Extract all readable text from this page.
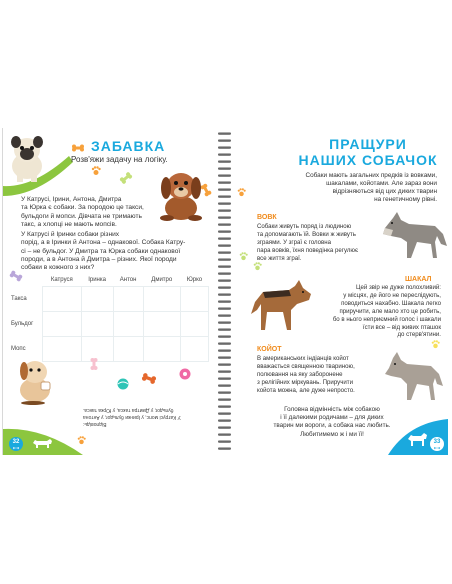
ЗАБАВКА
Розв'яжи задачу на логіку.
У Катрусі, Ірини, Антона, Дмитра
та Юрка є собаки. За породою це такси,
бульдоги й мопси. Дівчата не тримають
такс, а хлопці не мають мопсів.
У Катрусі й Іринки собаки різних
порід, а в Іринки й Антона – однакової. Собака Катру-
сі – не бульдог. У Дмитра та Юрка собаки однакової
породи, а в Антона й Дмитра – різних. Якої породи
собаки в кожного з них?
	Катруся	Іринка	Антон	Дмитро	Юрко
Такса					
Бульдог					
Мопс					
Відповідь:
У Катрусі мопс, у Іринки бульдог, у Антона
бульдог, у Дмитра такса, у Юрка такса.
32
∗=∗
ПРАЩУРИ
НАШИХ СОБАЧОК
Собаки мають загальних предків із вовками,
шакалами, койотами. Але зараз вони
відрізняються від цих диких тварин
на генетичному рівні.
ВОВК
Собаки живуть поряд із людиною
та допомагають їй. Вовки ж живуть
зграями. У зграї є головна
пара вовків, їхня поведінка регулює
все життя зграї.
ШАКАЛ
Цей звір не дуже полохливий:
у місцях, де його не переслідують,
поводиться нахабно. Шакала легко
приручити, але мало хто це робить,
бо в нього неприємний голос і шакали
їсти все – від живих пташок
до стерв'ятини.
КОЙОТ
В американських індіанців койот
вважається священною твариною,
полювання на яку заборонене
з релігійних міркувань. Приручити
койота можна, але дуже непросто.
Головна відмінність між собакою
і її далекими родичами – для диких
тварин ми вороги, а собака нас любить.
Любитимемо ж і ми її!
33
∗=∗
